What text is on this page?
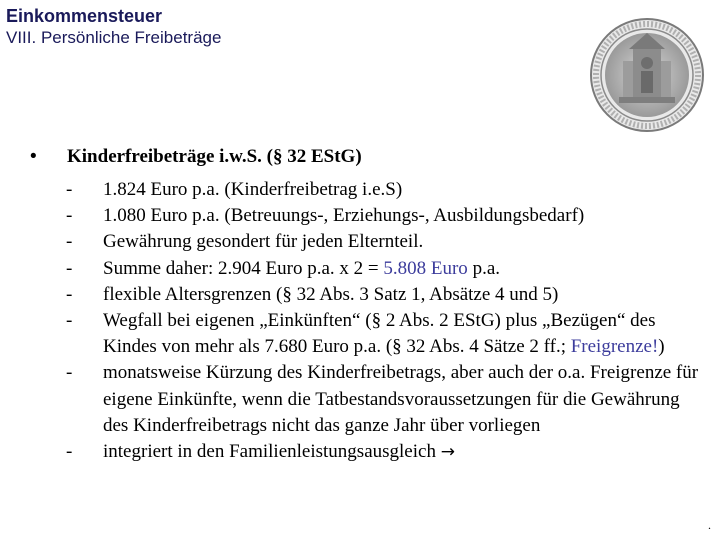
Einkommensteuer
VIII. Persönliche Freibeträge
• Kinderfreibeträge i.w.S. (§ 32 EStG)
- 1.824 Euro p.a. (Kinderfreibetrag i.e.S)
- 1.080 Euro p.a. (Betreuungs-, Erziehungs-, Ausbildungsbedarf)
- Gewährung gesondert für jeden Elternteil.
- Summe daher: 2.904 Euro p.a. x 2 = 5.808 Euro p.a.
- flexible Altersgrenzen (§ 32 Abs. 3 Satz 1, Absätze 4 und 5)
- Wegfall bei eigenen „Einkünften“ (§ 2 Abs. 2 EStG) plus „Bezügen“ des Kindes von mehr als 7.680 Euro p.a. (§ 32 Abs. 4 Sätze 2 ff.; Freigrenze!)
- monatsweise Kürzung des Kinderfreibetrags, aber auch der o.a. Freigrenze für eigene Einkünfte, wenn die Tatbestandsvoraussetzungen für die Gewährung des Kinderfreibetrags nicht das ganze Jahr über vorliegen
- integriert in den Familienleistungsausgleich →
.
